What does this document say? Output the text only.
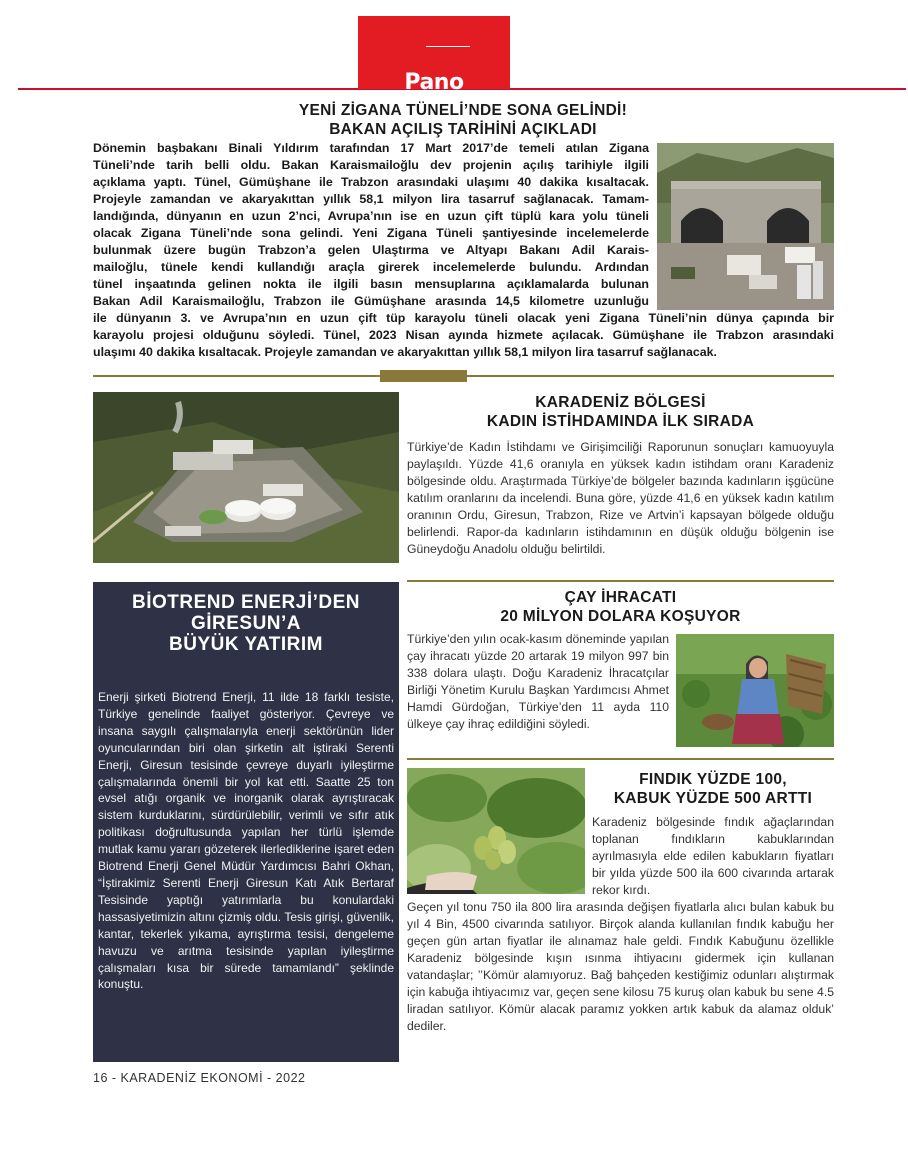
Pano
YENİ ZİGANA TÜNELİ’NDE SONA GELİNDİ!
BAKAN AÇILIŞ TARİHİNİ AÇIKLADI
Dönemin başbakanı Binali Yıldırım tarafından 17 Mart 2017’de temeli atılan Zigana
Tüneli’nde tarih belli oldu. Bakan Karaismailoğlu dev projenin açılış tarihiyle ilgili
açıklama yaptı. Tünel, Gümüşhane ile Trabzon arasındaki ulaşımı 40 dakika kısaltacak.
Projeyle zamandan ve akaryakıttan yıllık 58,1 milyon lira tasarruf sağlanacak. Tamam-
landığında, dünyanın en uzun 2’nci, Avrupa’nın ise en uzun çift tüplü kara yolu tüneli
olacak Zigana Tüneli’nde sona gelindi. Yeni Zigana Tüneli şantiyesinde incelemelerde
bulunmak üzere bugün Trabzon’a gelen Ulaştırma ve Altyapı Bakanı Adil Karais-
mailoğlu, tünele kendi kullandığı araçla girerek incelemelerde bulundu. Ardından
tünel inşaatında gelinen nokta ile ilgili basın mensuplarına açıklamalarda bulunan
Bakan Adil Karaismailoğlu, Trabzon ile Gümüşhane arasında 14,5 kilometre uzunluğu
ile dünyanın 3. ve Avrupa’nın en uzun çift tüp karayolu tüneli olacak yeni Zigana Tüneli’nin dünya çapında bir
karayolu projesi olduğunu söyledi. Tünel, 2023 Nisan ayında hizmete açılacak. Gümüşhane ile Trabzon arasındaki
ulaşımı 40 dakika kısaltacak. Projeyle zamandan ve akaryakıttan yıllık 58,1 milyon lira tasarruf sağlanacak.
BİOTREND ENERJİ’DEN
GİRESUN’A
BÜYÜK YATIRIM
Enerji şirketi Biotrend Enerji, 11 ilde 18 farklı tesiste, Türkiye genelinde faaliyet gösteriyor. Çevreye ve insana saygılı çalışmalarıyla enerji sektörünün lider oyuncularından biri olan şirketin alt iştiraki Serenti Enerji, Giresun tesisinde çevreye duyarlı iyileştirme çalışmalarında önemli bir yol kat etti. Saatte 25 ton evsel atığı organik ve inorganik olarak ayrıştıracak sistem kurduklarını, sürdürülebilir, verimli ve sıfır atık politikası doğrultusunda yapılan her türlü işlemde mutlak kamu yararı gözeterek ilerlediklerine işaret eden Biotrend Enerji Genel Müdür Yardımcısı Bahri Okhan, “İştirakimiz Serenti Enerji Giresun Katı Atık Bertaraf Tesisinde yaptığı yatırımlarla bu konulardaki hassasiyetimizin altını çizmiş oldu. Tesis girişi, güvenlik, kantar, tekerlek yıkama, ayrıştırma tesisi, dengeleme havuzu ve arıtma tesisinde yapılan iyileştirme çalışmaları kısa bir sürede tamamlandı” şeklinde konuştu.
KARADENİZ BÖLGESİ
KADIN İSTİHDAMINDA İLK SIRADA
Türkiye’de Kadın İstihdamı ve Girişimciliği Raporunun sonuçları kamuoyuyla paylaşıldı. Yüzde 41,6 oranıyla en yüksek kadın istihdam oranı Karadeniz bölgesinde oldu. Araştırmada Türkiye’de bölgeler bazında kadınların işgücüne katılım oranlarını da incelendi. Buna göre, yüzde 41,6 en yüksek kadın katılım oranının Ordu, Giresun, Trabzon, Rize ve Artvin’i kapsayan bölgede olduğu belirlendi. Rapor-da kadınların istihdamının en düşük olduğu bölgenin ise Güneydoğu Anadolu olduğu belirtildi.
ÇAY İHRACATI
20 MİLYON DOLARA KOŞUYOR
Türkiye’den yılın ocak-kasım döneminde yapılan çay ihracatı yüzde 20 artarak 19 milyon 997 bin 338 dolara ulaştı. Doğu Karadeniz İhracatçılar Birliği Yönetim Kurulu Başkan Yardımcısı Ahmet Hamdi Gürdoğan, Türkiye’den 11 ayda 110 ülkeye çay ihraç edildiğini söyledi.
FINDIK YÜZDE 100,
KABUK YÜZDE 500 ARTTI
Karadeniz bölgesinde fındık ağaçlarından toplanan fındıkların kabuklarından ayrılmasıyla elde edilen kabukların fiyatları bir yılda yüzde 500 ila 600 civarında artarak rekor kırdı.
Geçen yıl tonu 750 ila 800 lira arasında değişen fiyatlarla alıcı bulan kabuk bu yıl 4 Bin, 4500 civarında satılıyor. Birçok alanda kullanılan fındık kabuğu her geçen gün artan fiyatlar ile alınamaz hale geldi. Fındık Kabuğunu özellikle Karadeniz bölgesinde kışın ısınma ihtiyacını gidermek için kullanan vatandaşlar; ’’Kömür alamıyoruz. Bağ bahçeden kestiğimiz odunları alıştırmak için kabuğa ihtiyacımız var, geçen sene kilosu 75 kuruş olan kabuk bu sene 4.5 liradan satılıyor. Kömür alacak paramız yokken artık kabuk da alamaz olduk’ dediler.
16 - KARADENİZ EKONOMİ - 2022
